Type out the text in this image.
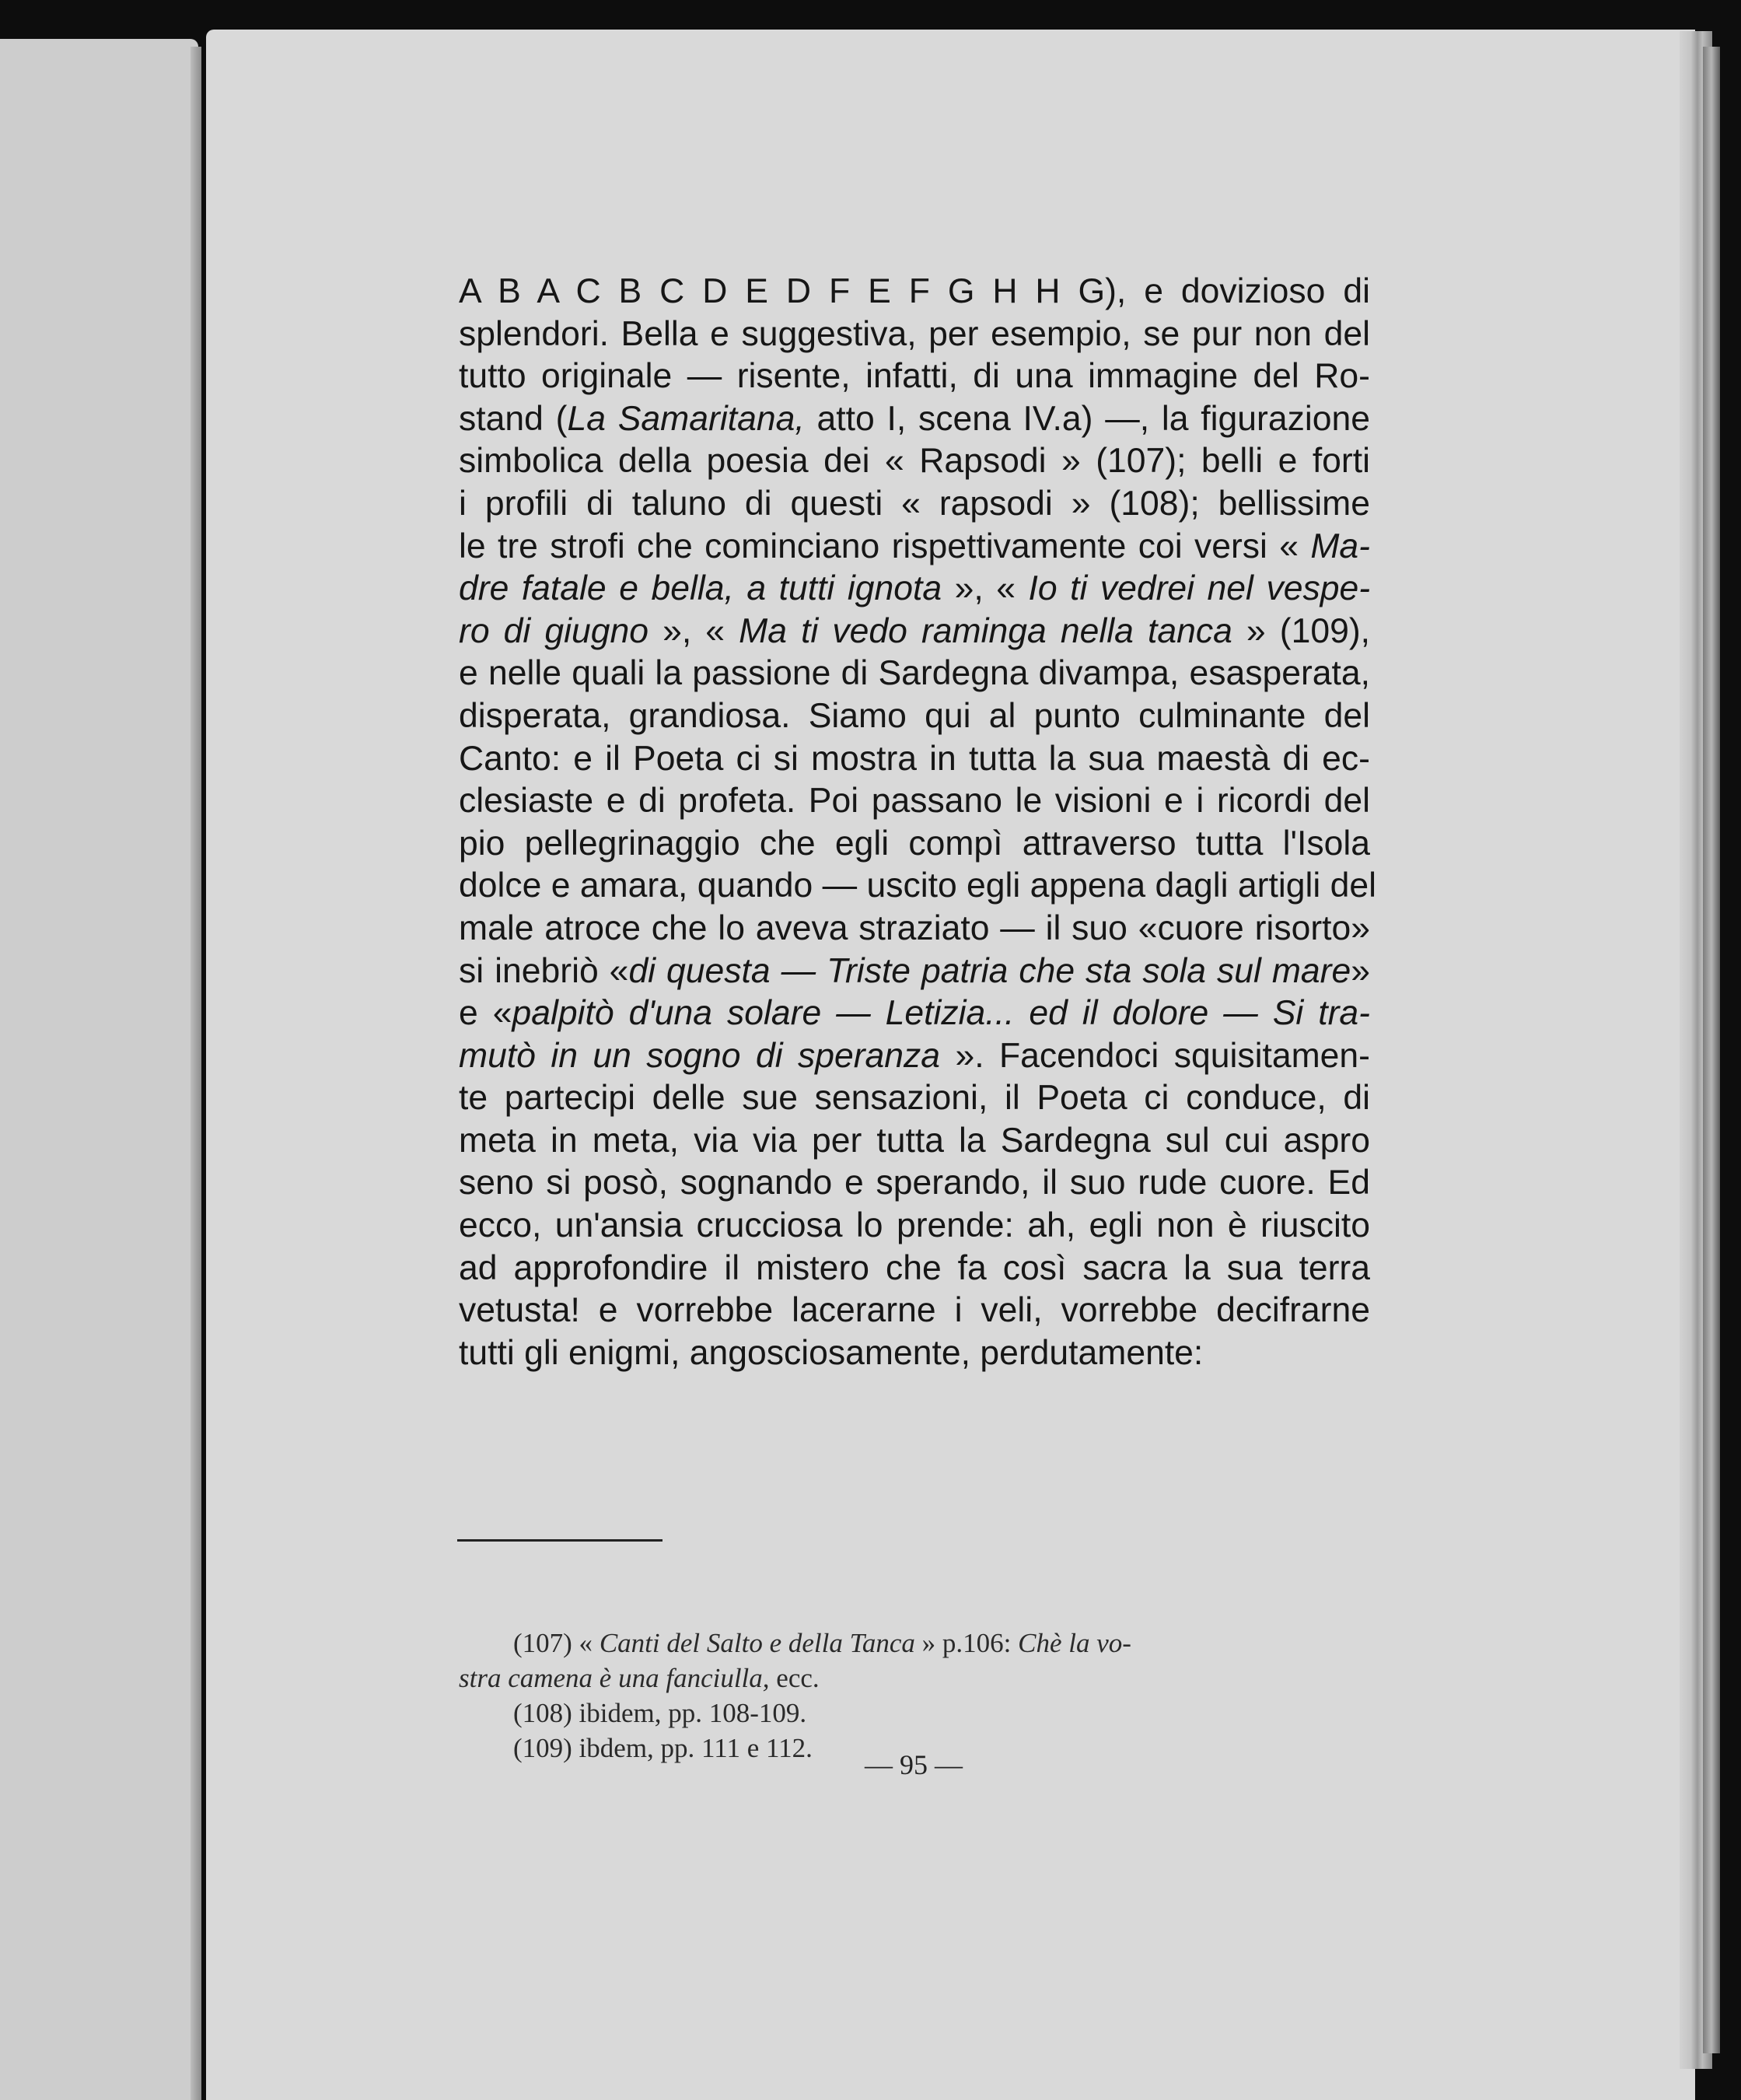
A B A C B C D E D F E F G H H G), e dovizioso di
splendori. Bella e suggestiva, per esempio, se pur non del
tutto originale — risente, infatti, di una immagine del Ro-
stand (La Samaritana, atto I, scena IV.a) —, la figurazione
simbolica della poesia dei « Rapsodi » (107); belli e forti
i profili di taluno di questi « rapsodi » (108); bellissime
le tre strofi che cominciano rispettivamente coi versi « Ma-
dre fatale e bella, a tutti ignota », « Io ti vedrei nel vespe-
ro di giugno », « Ma ti vedo raminga nella tanca » (109),
e nelle quali la passione di Sardegna divampa, esasperata,
disperata, grandiosa. Siamo qui al punto culminante del
Canto: e il Poeta ci si mostra in tutta la sua maestà di ec-
clesiaste e di profeta. Poi passano le visioni e i ricordi del
pio pellegrinaggio che egli compì attraverso tutta l'Isola
dolce e amara, quando — uscito egli appena dagli artigli del
male atroce che lo aveva straziato — il suo «cuore risorto»
si inebriò «di questa — Triste patria che sta sola sul mare»
e «palpitò d'una solare — Letizia... ed il dolore — Si tra-
mutò in un sogno di speranza ». Facendoci squisitamen-
te partecipi delle sue sensazioni, il Poeta ci conduce, di
meta in meta, via via per tutta la Sardegna sul cui aspro
seno si posò, sognando e sperando, il suo rude cuore. Ed
ecco, un'ansia crucciosa lo prende: ah, egli non è riuscito
ad approfondire il mistero che fa così sacra la sua terra
vetusta! e vorrebbe lacerarne i veli, vorrebbe decifrarne
tutti gli enigmi, angosciosamente, perdutamente:
(107) « Canti del Salto e della Tanca » p.106: Chè la vo-
stra camena è una fanciulla, ecc.
(108) ibidem, pp. 108-109.
(109) ibdem, pp. 111 e 112.
— 95 —
